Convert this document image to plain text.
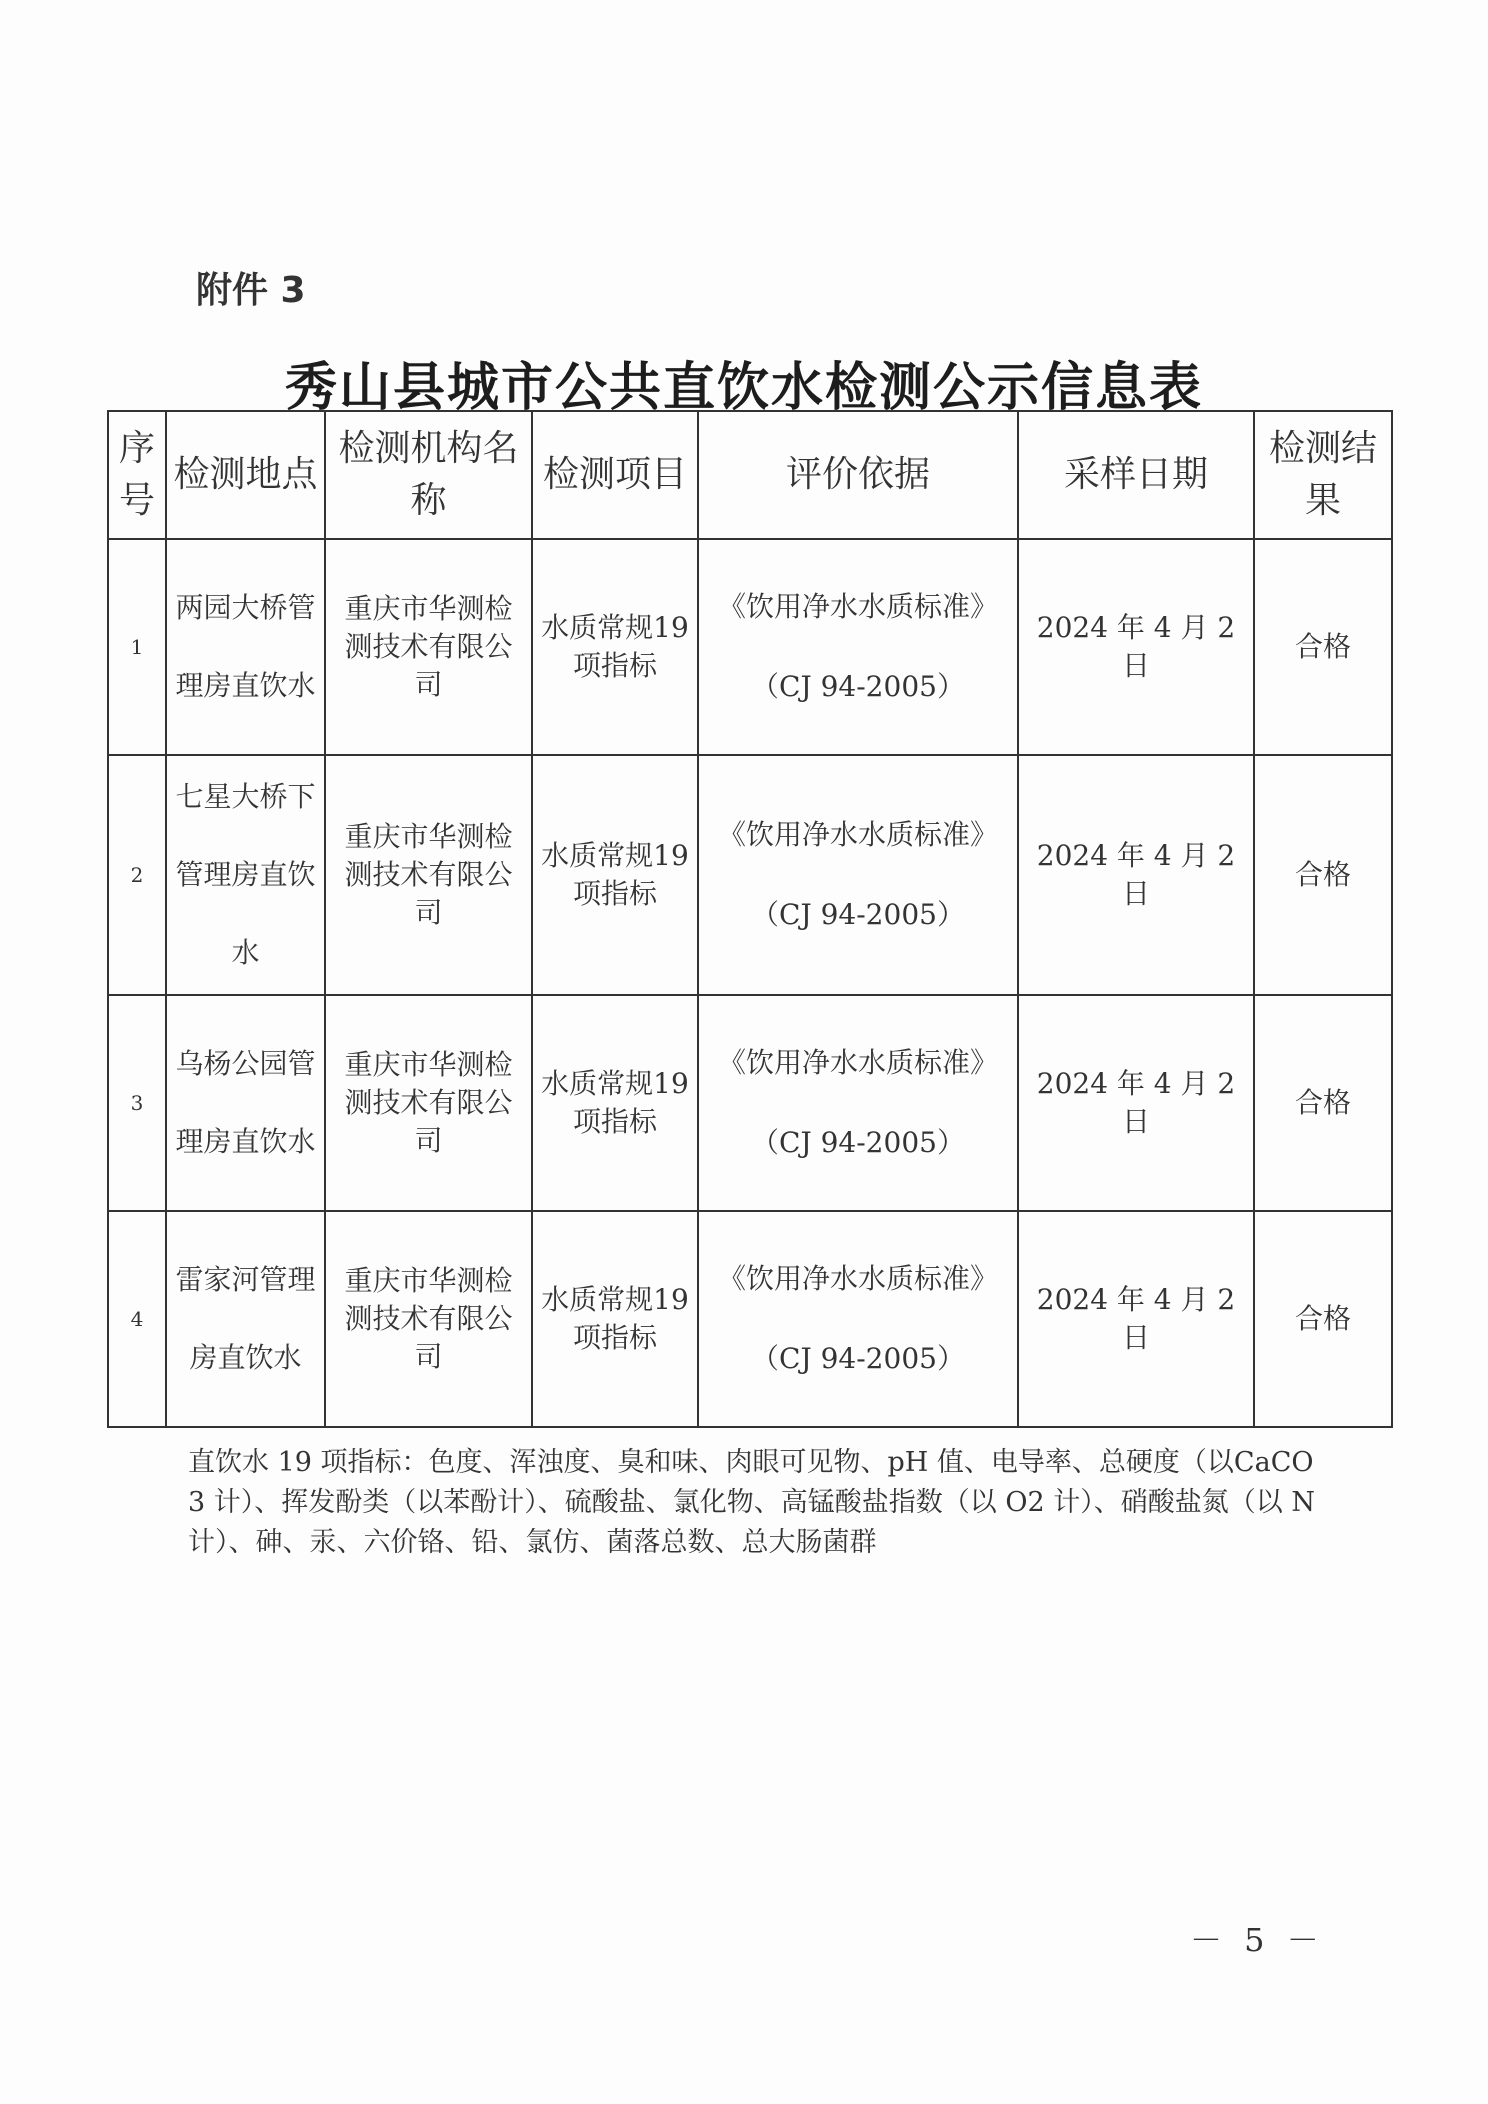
附件 3
秀山县城市公共直饮水检测公示信息表
序号	检测地点	检测机构名称	检测项目	评价依据	采样日期	检测结果
1	两园大桥管理房直饮水	重庆市华测检测技术有限公司	水质常规19 项指标	《饮用净水水质标准》
（CJ 94-2005）	2024 年 4 月 2 日	合格
2	七星大桥下管理房直饮水	重庆市华测检测技术有限公司	水质常规19 项指标	《饮用净水水质标准》
（CJ 94-2005）	2024 年 4 月 2 日	合格
3	乌杨公园管理房直饮水	重庆市华测检测技术有限公司	水质常规19 项指标	《饮用净水水质标准》
（CJ 94-2005）	2024 年 4 月 2 日	合格
4	雷家河管理房直饮水	重庆市华测检测技术有限公司	水质常规19 项指标	《饮用净水水质标准》
（CJ 94-2005）	2024 年 4 月 2 日	合格
直饮水 19 项指标：色度、浑浊度、臭和味、肉眼可见物、pH 值、电导率、总硬度（以CaCO 3 计）、挥发酚类（以苯酚计）、硫酸盐、氯化物、高锰酸盐指数（以 O2 计）、硝酸盐氮（以 N 计）、砷、汞、六价铬、铅、氯仿、菌落总数、总大肠菌群
－ 5 －
